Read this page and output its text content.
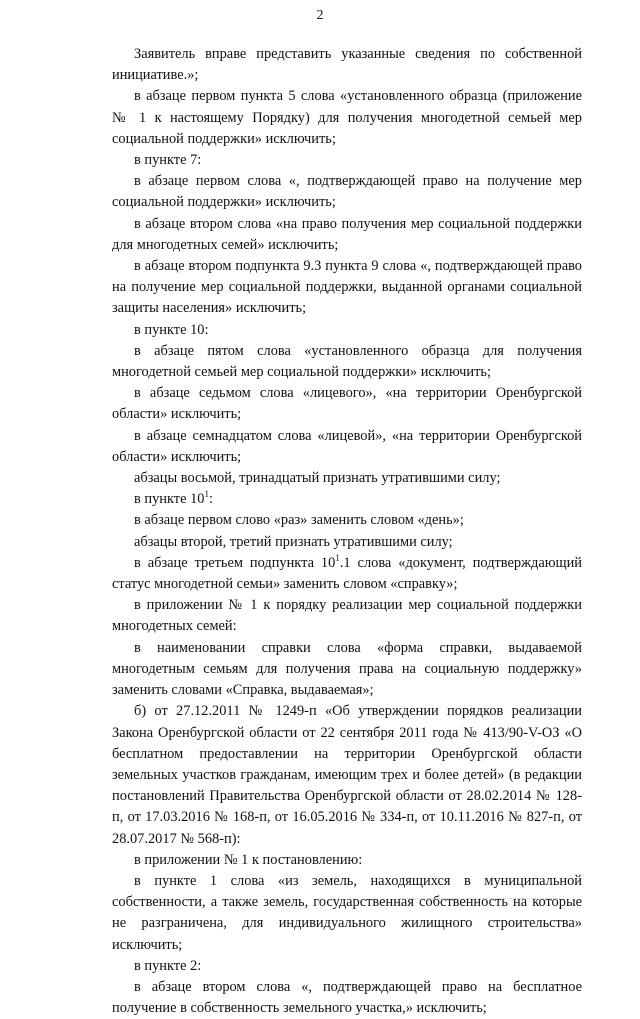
2

Заявитель вправе представить указанные сведения по собственной инициативе.»;

в абзаце первом пункта 5 слова «установленного образца (приложение № 1 к настоящему Порядку) для получения многодетной семьей мер социальной поддержки» исключить;

в пункте 7:

в абзаце первом слова «, подтверждающей право на получение мер социальной поддержки» исключить;

в абзаце втором слова «на право получения мер социальной поддержки для многодетных семей» исключить;

в абзаце втором подпункта 9.3 пункта 9 слова «, подтверждающей право на получение мер социальной поддержки, выданной органами социальной защиты населения» исключить;

в пункте 10:

в абзаце пятом слова «установленного образца для получения многодетной семьей мер социальной поддержки» исключить;

в абзаце седьмом слова «лицевого», «на территории Оренбургской области» исключить;

в абзаце семнадцатом слова «лицевой», «на территории Оренбургской области» исключить;

абзацы восьмой, тринадцатый признать утратившими силу;

в пункте $10^1$:

в абзаце первом слово «раз» заменить словом «день»;

абзацы второй, третий признать утратившими силу;

в абзаце третьем подпункта $10^1.1$ слова «документ, подтверждающий статус многодетной семьи» заменить словом «справку»;

в приложении № 1 к порядку реализации мер социальной поддержки многодетных семей:

в наименовании справки слова «форма справки, выдаваемой многодетным семьям для получения права на социальную поддержку» заменить словами «Справка, выдаваемая»;

б) от 27.12.2011 № 1249-п «Об утверждении порядков реализации Закона Оренбургской области от 22 сентября 2011 года № 413/90-V-ОЗ «О бесплатном предоставлении на территории Оренбургской области земельных участков гражданам, имеющим трех и более детей» (в редакции постановлений Правительства Оренбургской области от 28.02.2014 № 128-п, от 17.03.2016 № 168-п, от 16.05.2016 № 334-п, от 10.11.2016 № 827-п, от 28.07.2017 № 568-п):

в приложении № 1 к постановлению:

в пункте 1 слова «из земель, находящихся в муниципальной собственности, а также земель, государственная собственность на которые не разграничена, для индивидуального жилищного строительства» исключить;

в пункте 2:

в абзаце втором слова «, подтверждающей право на бесплатное получение в собственность земельного участка,» исключить;
